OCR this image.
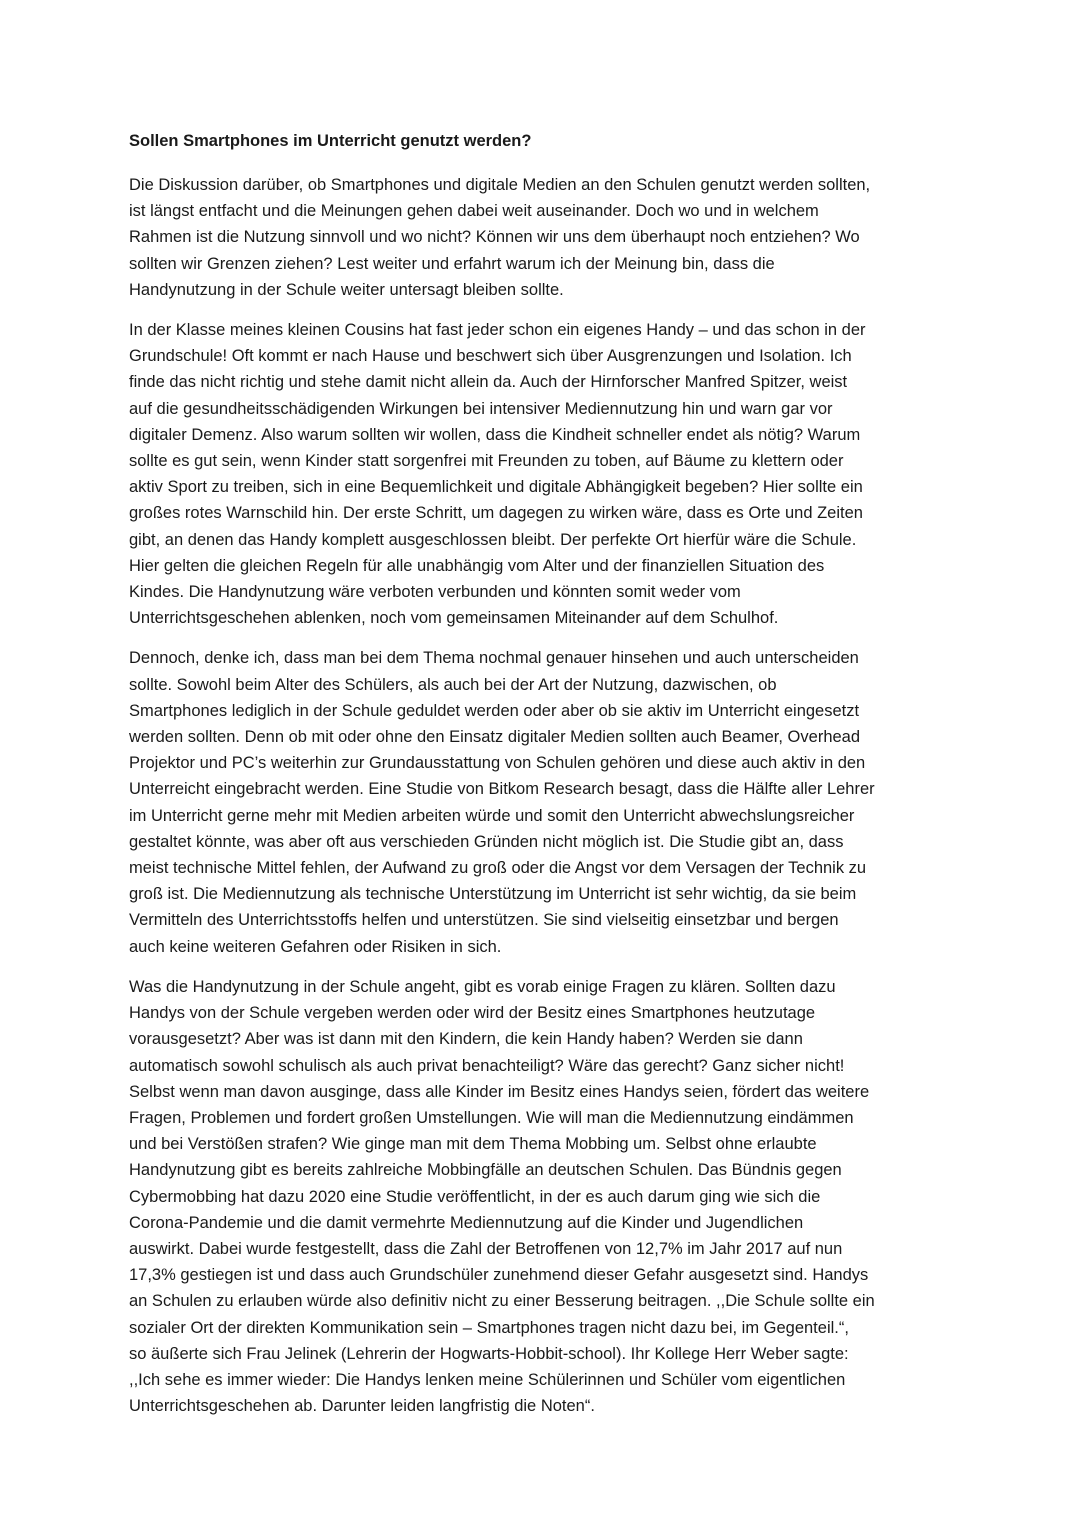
Sollen Smartphones im Unterricht genutzt werden?
Die Diskussion darüber, ob Smartphones und digitale Medien an den Schulen genutzt werden sollten,
ist längst entfacht und die Meinungen gehen dabei weit auseinander. Doch wo und in welchem
Rahmen ist die Nutzung sinnvoll und wo nicht? Können wir uns dem überhaupt noch entziehen? Wo
sollten wir Grenzen ziehen? Lest weiter und erfahrt warum ich der Meinung bin, dass die
Handynutzung in der Schule weiter untersagt bleiben sollte.
In der Klasse meines kleinen Cousins hat fast jeder schon ein eigenes Handy – und das schon in der
Grundschule! Oft kommt er nach Hause und beschwert sich über Ausgrenzungen und Isolation. Ich
finde das nicht richtig und stehe damit nicht allein da. Auch der Hirnforscher Manfred Spitzer, weist
auf die gesundheitsschädigenden Wirkungen bei intensiver Mediennutzung hin und warn gar vor
digitaler Demenz. Also warum sollten wir wollen, dass die Kindheit schneller endet als nötig? Warum
sollte es gut sein, wenn Kinder statt sorgenfrei mit Freunden zu toben, auf Bäume zu klettern oder
aktiv Sport zu treiben, sich in eine Bequemlichkeit und digitale Abhängigkeit begeben? Hier sollte ein
großes rotes Warnschild hin. Der erste Schritt, um dagegen zu wirken wäre, dass es Orte und Zeiten
gibt, an denen das Handy komplett ausgeschlossen bleibt. Der perfekte Ort hierfür wäre die Schule.
Hier gelten die gleichen Regeln für alle unabhängig vom Alter und der finanziellen Situation des
Kindes. Die Handynutzung wäre verboten verbunden und könnten somit weder vom
Unterrichtsgeschehen ablenken, noch vom gemeinsamen Miteinander auf dem Schulhof.
Dennoch, denke ich, dass man bei dem Thema nochmal genauer hinsehen und auch unterscheiden
sollte. Sowohl beim Alter des Schülers, als auch bei der Art der Nutzung, dazwischen, ob
Smartphones lediglich in der Schule geduldet werden oder aber ob sie aktiv im Unterricht eingesetzt
werden sollten. Denn ob mit oder ohne den Einsatz digitaler Medien sollten auch Beamer, Overhead
Projektor und PC’s weiterhin zur Grundausstattung von Schulen gehören und diese auch aktiv in den
Unterreicht eingebracht werden. Eine Studie von Bitkom Research besagt, dass die Hälfte aller Lehrer
im Unterricht gerne mehr mit Medien arbeiten würde und somit den Unterricht abwechslungsreicher
gestaltet könnte, was aber oft aus verschieden Gründen nicht möglich ist. Die Studie gibt an, dass
meist technische Mittel fehlen, der Aufwand zu groß oder die Angst vor dem Versagen der Technik zu
groß ist. Die Mediennutzung als technische Unterstützung im Unterricht ist sehr wichtig, da sie beim
Vermitteln des Unterrichtsstoffs helfen und unterstützen. Sie sind vielseitig einsetzbar und bergen
auch keine weiteren Gefahren oder Risiken in sich.
Was die Handynutzung in der Schule angeht, gibt es vorab einige Fragen zu klären. Sollten dazu
Handys von der Schule vergeben werden oder wird der Besitz eines Smartphones heutzutage
vorausgesetzt? Aber was ist dann mit den Kindern, die kein Handy haben? Werden sie dann
automatisch sowohl schulisch als auch privat benachteiligt? Wäre das gerecht? Ganz sicher nicht!
Selbst wenn man davon ausginge, dass alle Kinder im Besitz eines Handys seien, fördert das weitere
Fragen, Problemen und fordert großen Umstellungen. Wie will man die Mediennutzung eindämmen
und bei Verstößen strafen? Wie ginge man mit dem Thema Mobbing um. Selbst ohne erlaubte
Handynutzung gibt es bereits zahlreiche Mobbingfälle an deutschen Schulen. Das Bündnis gegen
Cybermobbing hat dazu 2020 eine Studie veröffentlicht, in der es auch darum ging wie sich die
Corona-Pandemie und die damit vermehrte Mediennutzung auf die Kinder und Jugendlichen
auswirkt. Dabei wurde festgestellt, dass die Zahl der Betroffenen von 12,7% im Jahr 2017 auf nun
17,3% gestiegen ist und dass auch Grundschüler zunehmend dieser Gefahr ausgesetzt sind. Handys
an Schulen zu erlauben würde also definitiv nicht zu einer Besserung beitragen. ,,Die Schule sollte ein
sozialer Ort der direkten Kommunikation sein – Smartphones tragen nicht dazu bei, im Gegenteil.“,
so äußerte sich Frau Jelinek (Lehrerin der Hogwarts-Hobbit-school). Ihr Kollege Herr Weber sagte:
,,Ich sehe es immer wieder: Die Handys lenken meine Schülerinnen und Schüler vom eigentlichen
Unterrichtsgeschehen ab. Darunter leiden langfristig die Noten“.
